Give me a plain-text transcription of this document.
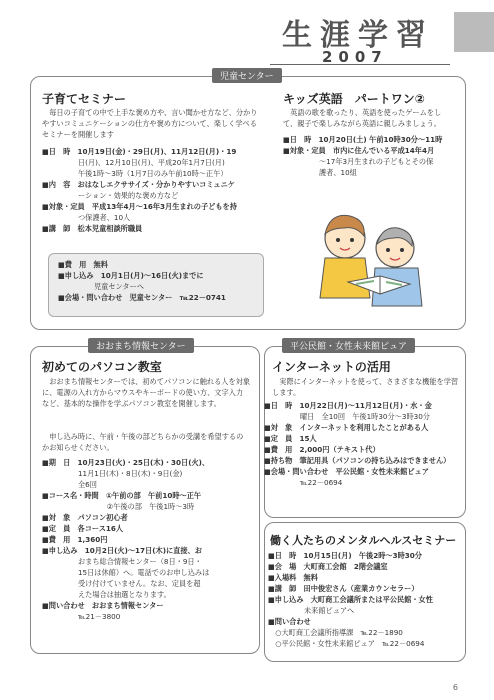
生涯学習
2007
児童センター
子育てセミナー
　毎日の子育ての中で上手な褒め方や、言い聞かせ方など、分かりやすいコミュニケーションの仕方や褒め方について、楽しく学べるセミナーを開催します
■日　時　10月19日(金)・29日(月)、11月12日(月)・19
　　　　　日(月)、12月10日(月)、平成20年1月7日(月)
　　　　　午後1時～3時（1月7日のみ午前10時～正午）
■内　容　おはなしエクササイズ・分かりやすいコミュニケ
　　　　　ーション・効果的な褒め方など
■対象・定員　平成13年4月～16年3月生まれの子どもを持
　　　　　つ保護者、10人
■講　師　松本児童相談所職員
■費　用　無料
■申し込み　10月1日(月)～16日(火)までに
　　　　　児童センターへ
■会場・問い合わせ　児童センター　℡22－0741
キッズ英語　パートワン②
　英語の歌を歌ったり、英語を使ったゲームをして、親子で楽しみながら英語に親しみましょう。
■日　時　10月20日(土) 午前10時30分～11時
■対象・定員　市内に住んでいる平成14年4月
　　　　　～17年3月生まれの子どもとその保
　　　　　護者、10組
おおまち情報センター
初めてのパソコン教室
　おおまち情報センターでは、初めてパソコンに触れる人を対象に、電源の入れ方からマウスやキーボードの使い方、文字入力など、基本的な操作を学ぶパソコン教室を開催します。
　申し込み時に、午前・午後の部どちらかの受講を希望するのかお知らせください。
■期　日　10月23日(火)・25日(木)・30日(火)、
　　　　　11月1日(木)・8日(木)・9日(金)
　　　　　全6回
■コース名・時間　①午前の部　午前10時～正午
　　　　　　　　　②午後の部　午後1時～3時
■対　象　パソコン初心者
■定　員　各コース16人
■費　用　1,360円
■申し込み　10月2日(火)～17日(木)に直接、お
　　　　　おまち総合情報センター（8日・9日・
　　　　　15日は休館）へ。電話でのお申し込みは
　　　　　受け付けていません。なお、定員を超
　　　　　えた場合は抽選となります。
■問い合わせ　おおまち情報センター
　　　　　℡21－3800
平公民館・女性未来館ピュア
インターネットの活用
　実際にインターネットを使って、さまざまな機能を学習します。
■日　時　10月22日(月)～11月12日(月)・水・金
　　　　　曜日　全10回　午後1時30分～3時30分
■対　象　インターネットを利用したことがある人
■定　員　15人
■費　用　2,000円（テキスト代）
■持ち物　筆記用具（パソコンの持ち込みはできません）
■会場・問い合わせ　平公民館・女性未来館ピュア
　　　　　℡22－0694
働く人たちのメンタルヘルスセミナー
■日　時　10月15日(月)　午後2時～3時30分
■会　場　大町商工会館　2階会議室
■入場料　無料
■講　師　田中俊宏さん（産業カウンセラー）
■申し込み　大町商工会議所または平公民館・女性
　　　　　未来館ピュアへ
■問い合わせ
　○大町商工会議所指導課　℡22－1890
　○平公民館・女性未来館ピュア　℡22－0694
6
